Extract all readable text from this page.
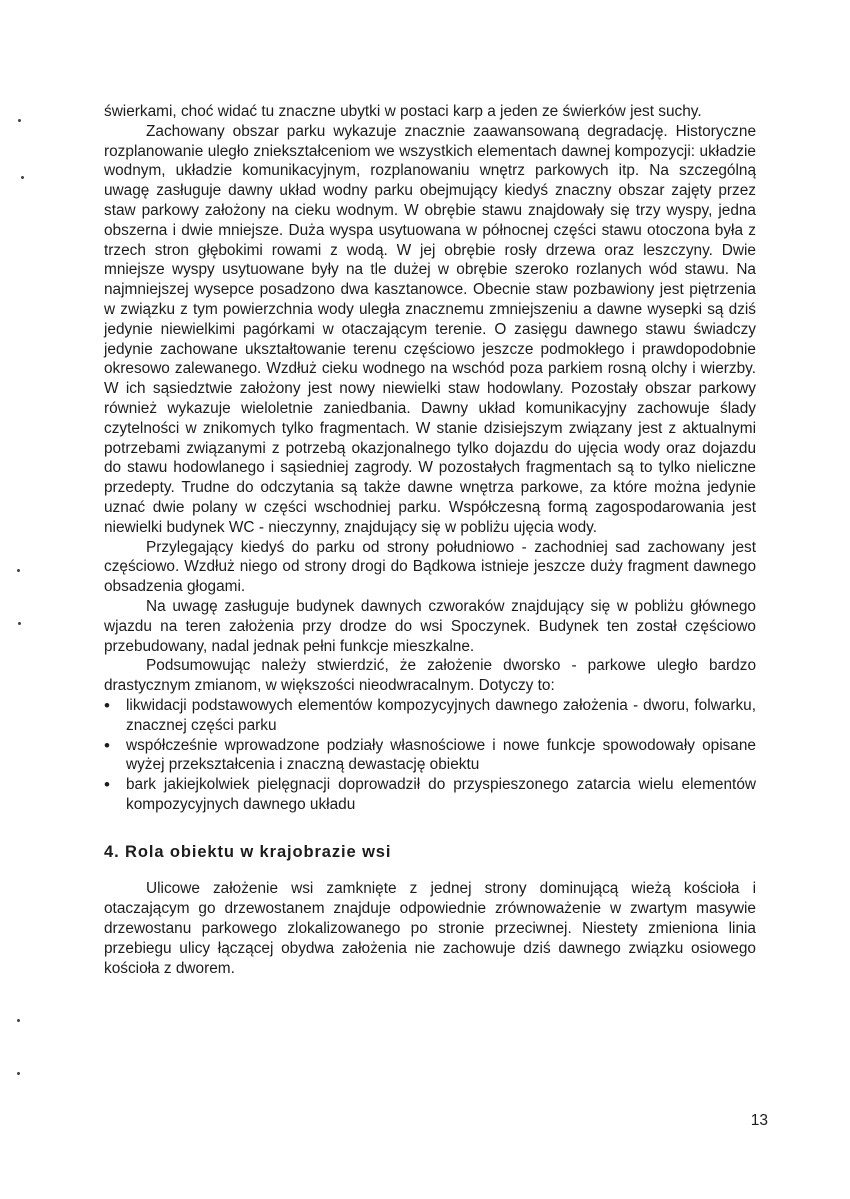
świerkami, choć widać tu znaczne ubytki w postaci karp a jeden ze świerków jest suchy.

Zachowany obszar parku wykazuje znacznie zaawansowaną degradację. Historyczne rozplanowanie uległo zniekształceniom we wszystkich elementach dawnej kompozycji: układzie wodnym, układzie komunikacyjnym, rozplanowaniu wnętrz parkowych itp. Na szczególną uwagę zasługuje dawny układ wodny parku obejmujący kiedyś znaczny obszar zajęty przez staw parkowy założony na cieku wodnym. W obrębie stawu znajdowały się trzy wyspy, jedna obszerna i dwie mniejsze. Duża wyspa usytuowana w północnej części stawu otoczona była z trzech stron głębokimi rowami z wodą. W jej obrębie rosły drzewa oraz leszczyny. Dwie mniejsze wyspy usytuowane były na tle dużej w obrębie szeroko rozlanych wód stawu. Na najmniejszej wysepce posadzono dwa kasztanowce. Obecnie staw pozbawiony jest piętrzenia w związku z tym powierzchnia wody uległa znacznemu zmniejszeniu a dawne wysepki są dziś jedynie niewielkimi pagórkami w otaczającym terenie. O zasięgu dawnego stawu świadczy jedynie zachowane ukształtowanie terenu częściowo jeszcze podmokłego i prawdopodobnie okresowo zalewanego. Wzdłuż cieku wodnego na wschód poza parkiem rosną olchy i wierzby. W ich sąsiedztwie założony jest nowy niewielki staw hodowlany. Pozostały obszar parkowy również wykazuje wieloletnie zaniedbania. Dawny układ komunikacyjny zachowuje ślady czytelności w znikomych tylko fragmentach. W stanie dzisiejszym związany jest z aktualnymi potrzebami związanymi z potrzebą okazjonalnego tylko dojazdu do ujęcia wody oraz dojazdu do stawu hodowlanego i sąsiedniej zagrody. W pozostałych fragmentach są to tylko nieliczne przedepty. Trudne do odczytania są także dawne wnętrza parkowe, za które można jedynie uznać dwie polany w części wschodniej parku. Współczesną formą zagospodarowania jest niewielki budynek WC - nieczynny, znajdujący się w pobliżu ujęcia wody.

Przylegający kiedyś do parku od strony południowo - zachodniej sad zachowany jest częściowo. Wzdłuż niego od strony drogi do Bądkowa istnieje jeszcze duży fragment dawnego obsadzenia głogami.

Na uwagę zasługuje budynek dawnych czworaków znajdujący się w pobliżu głównego wjazdu na teren założenia przy drodze do wsi Spoczynek. Budynek ten został częściowo przebudowany, nadal jednak pełni funkcje mieszkalne.

Podsumowując należy stwierdzić, że założenie dworsko - parkowe uległo bardzo drastycznym zmianom, w większości nieodwracalnym. Dotyczy to:

• likwidacji podstawowych elementów kompozycyjnych dawnego założenia - dworu, folwarku, znacznej części parku
• współcześnie wprowadzone podziały własnościowe i nowe funkcje spowodowały opisane wyżej przekształcenia i znaczną dewastację obiektu
• bark jakiejkolwiek pielęgnacji doprowadził do przyspieszonego zatarcia wielu elementów kompozycyjnych dawnego układu

4. Rola obiektu w krajobrazie wsi

Ulicowe założenie wsi zamknięte z jednej strony dominującą wieżą kościoła i otaczającym go drzewostanem znajduje odpowiednie zrównoważenie w zwartym masywie drzewostanu parkowego zlokalizowanego po stronie przeciwnej. Niestety zmieniona linia przebiegu ulicy łączącej obydwa założenia nie zachowuje dziś dawnego związku osiowego kościoła z dworem.

13
